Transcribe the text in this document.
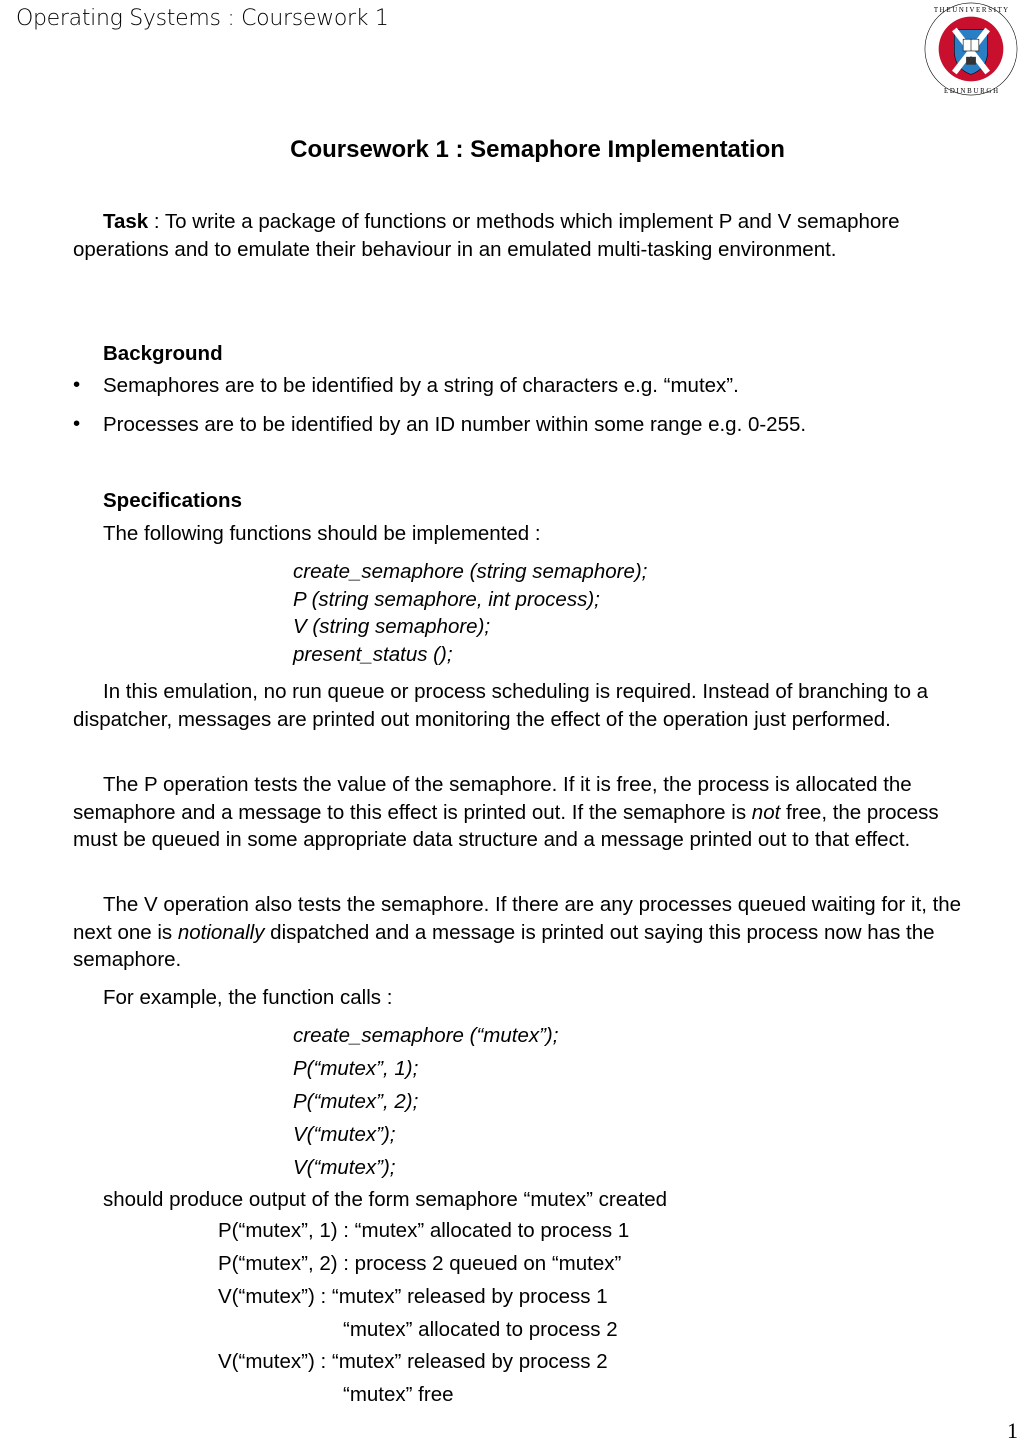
Operating Systems : Coursework 1	T H E U N I V E R S I T Y
E D I N B U R G H
Coursework 1 : Semaphore Implementation
Task : To write a package of functions or methods which implement P and V semaphore operations and to emulate their behaviour in an emulated multi-tasking environment.
Background
• Semaphores are to be identified by a string of characters e.g. “mutex”.
• Processes are to be identified by an ID number within some range e.g. 0-255.
Specifications
The following functions should be implemented :
create_semaphore (string semaphore);
P (string semaphore, int process);
V (string semaphore);
present_status ();
In this emulation, no run queue or process scheduling is required. Instead of branching to a dispatcher, messages are printed out monitoring the effect of the operation just performed.
The P operation tests the value of the semaphore. If it is free, the process is allocated the semaphore and a message to this effect is printed out. If the semaphore is not free, the process must be queued in some appropriate data structure and a message printed out to that effect.
The V operation also tests the semaphore. If there are any processes queued waiting for it, the next one is notionally dispatched and a message is printed out saying this process now has the semaphore.
For example, the function calls :
create_semaphore (“mutex”);
P(“mutex”, 1);
P(“mutex”, 2);
V(“mutex”);
V(“mutex”);
should produce output of the form semaphore “mutex” created
P(“mutex”, 1) : “mutex” allocated to process 1
P(“mutex”, 2) : process 2 queued on “mutex”
V(“mutex”) : “mutex” released by process 1
“mutex” allocated to process 2
V(“mutex”) : “mutex” released by process 2
“mutex” free
1
